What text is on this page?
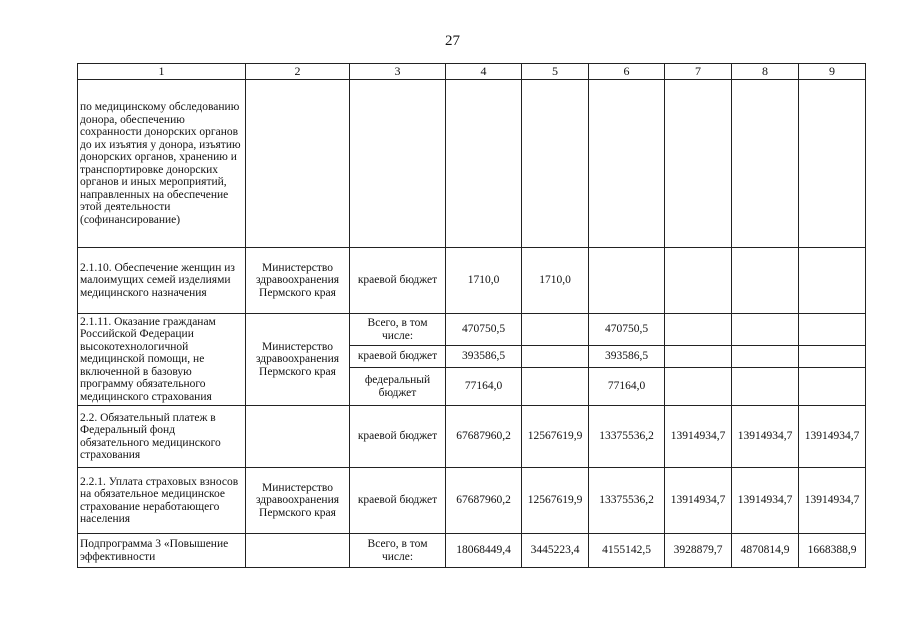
27
1	2	3	4	5	6	7	8	9
по медицинскому обследованию донора, обеспечению сохранности донорских органов до их изъятия у донора, изъятию донорских органов, хранению и транспортировке донорских органов и иных мероприятий, направленных на обеспечение этой деятельности (софинансирование)								
2.1.10. Обеспечение женщин из малоимущих семей изделиями медицинского назначения	Министерство здравоохранения Пермского края	краевой бюджет	1710,0	1710,0				
2.1.11. Оказание гражданам Российской Федерации высокотехнологичной медицинской помощи, не включенной в базовую программу обязательного медицинского страхования	Министерство здравоохранения Пермского края	Всего, в том числе:	470750,5		470750,5			
		краевой бюджет	393586,5		393586,5			
		федеральный бюджет	77164,0		77164,0			
2.2. Обязательный платеж в Федеральный фонд обязательного медицинского страхования		краевой бюджет	67687960,2	12567619,9	13375536,2	13914934,7	13914934,7	13914934,7
2.2.1. Уплата страховых взносов на обязательное медицинское страхование неработающего населения	Министерство здравоохранения Пермского края	краевой бюджет	67687960,2	12567619,9	13375536,2	13914934,7	13914934,7	13914934,7
Подпрограмма 3 «Повышение эффективности		Всего, в том числе:	18068449,4	3445223,4	4155142,5	3928879,7	4870814,9	1668388,9
